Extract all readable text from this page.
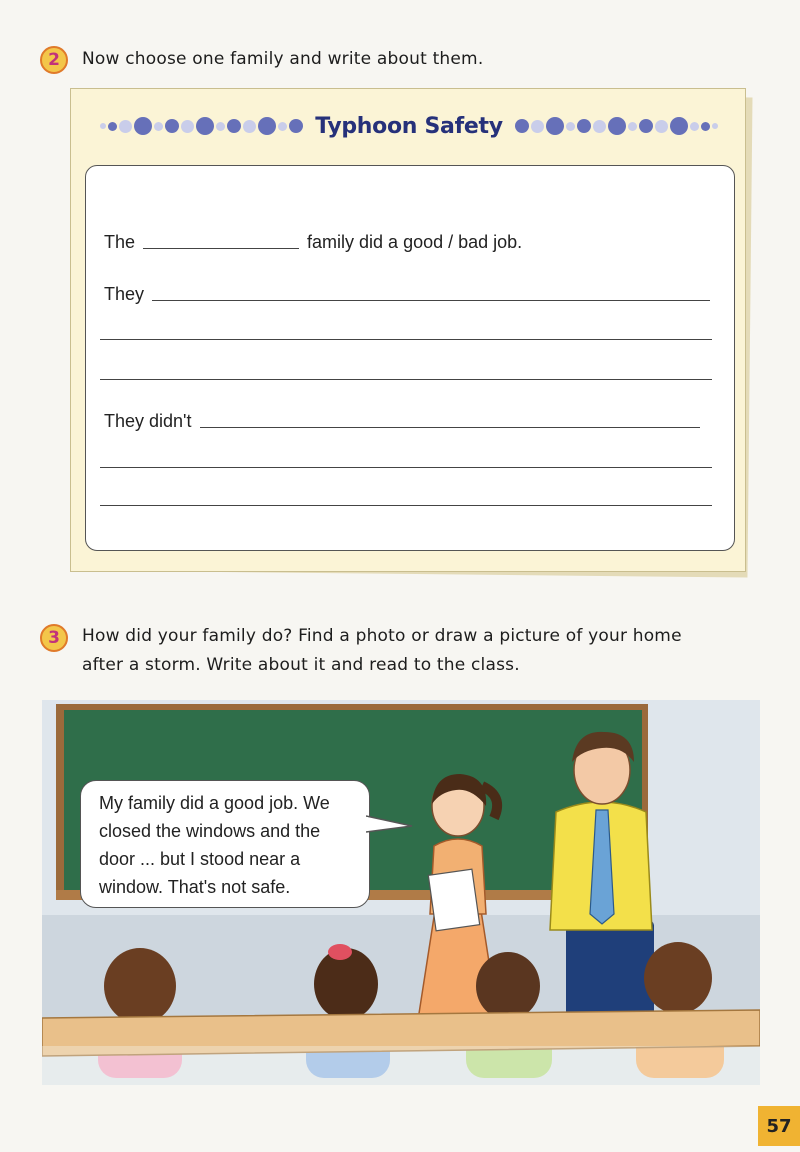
2	Now choose one family and write about them.
Typhoon Safety
The	family did a good / bad job.
They
They didn't
3	How did your family do? Find a photo or draw a picture of your home
after a storm. Write about it and read to the class.
My family did a good job. We
closed the windows and the
door ... but I stood near a
window. That's not safe.
57
